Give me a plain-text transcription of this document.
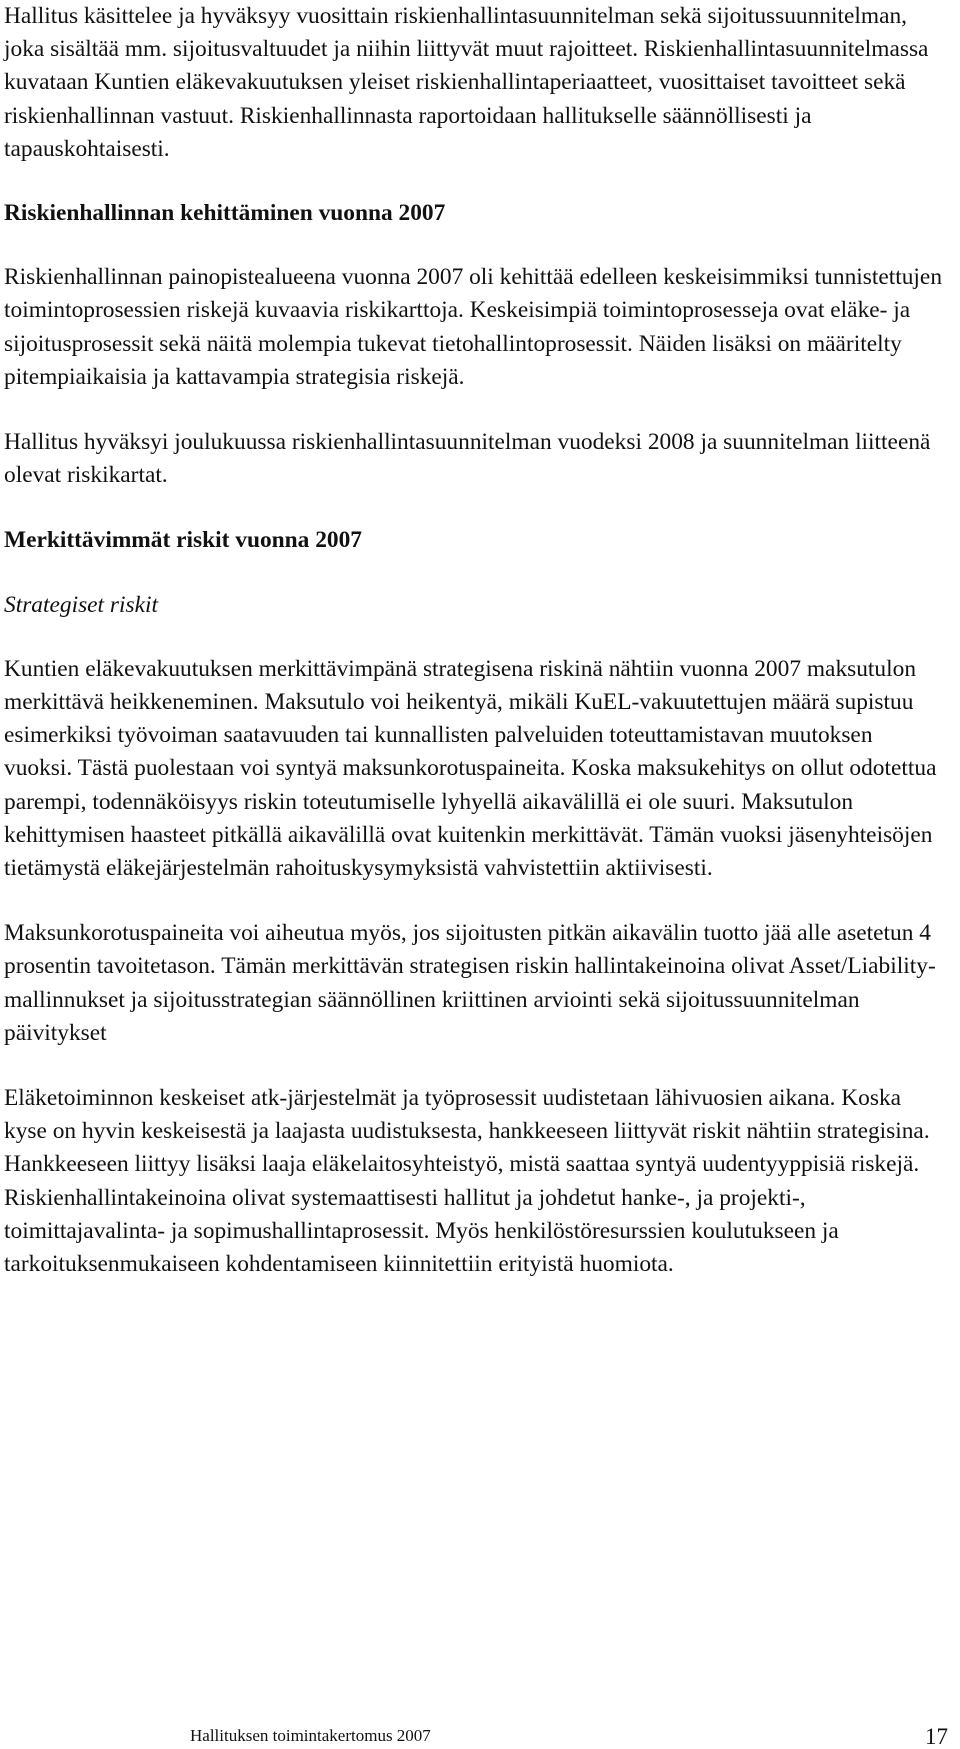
Hallitus käsittelee ja hyväksyy vuosittain riskienhallintasuunnitelman sekä sijoitussuunnitelman, joka sisältää mm. sijoitusvaltuudet ja niihin liittyvät muut rajoitteet. Riskienhallintasuunnitelmassa kuvataan Kuntien eläkevakuutuksen yleiset riskienhallintaperiaatteet, vuosittaiset tavoitteet sekä riskienhallinnan vastuut. Riskienhallinnasta raportoidaan hallitukselle säännöllisesti ja tapauskohtaisesti.

Riskienhallinnan kehittäminen vuonna 2007

Riskienhallinnan painopistealueena vuonna 2007 oli kehittää edelleen keskeisimmiksi tunnistettujen toimintoprosessien riskejä kuvaavia riskikarttoja. Keskeisimpiä toimintoprosesseja ovat eläke- ja sijoitusprosessit sekä näitä molempia tukevat tietohallintoprosessit. Näiden lisäksi on määritelty pitempiaikaisia ja kattavampia strategisia riskejä.

Hallitus hyväksyi joulukuussa riskienhallintasuunnitelman vuodeksi 2008 ja suunnitelman liitteenä olevat riskikartat.

Merkittävimmät riskit vuonna 2007

Strategiset riskit

Kuntien eläkevakuutuksen merkittävimpänä strategisena riskinä nähtiin vuonna 2007 maksutulon merkittävä heikkeneminen. Maksutulo voi heikentyä, mikäli KuEL-vakuutettujen määrä supistuu esimerkiksi työvoiman saatavuuden tai kunnallisten palveluiden toteuttamistavan muutoksen vuoksi. Tästä puolestaan voi syntyä maksunkorotuspaineita. Koska maksukehitys on ollut odotettua parempi, todennäköisyys riskin toteutumiselle lyhyellä aikavälillä ei ole suuri. Maksutulon kehittymisen haasteet pitkällä aikavälillä ovat kuitenkin merkittävät. Tämän vuoksi jäsenyhteisöjen tietämystä eläkejärjestelmän rahoituskysymyksistä vahvistettiin aktiivisesti.

Maksunkorotuspaineita voi aiheutua myös, jos sijoitusten pitkän aikavälin tuotto jää alle asetetun 4 prosentin tavoitetason. Tämän merkittävän strategisen riskin hallintakeinoina olivat Asset/Liability-mallinnukset ja sijoitusstrategian säännöllinen kriittinen arviointi sekä sijoitussuunnitelman päivitykset

Eläketoiminnon keskeiset atk-järjestelmät ja työprosessit uudistetaan lähivuosien aikana. Koska kyse on hyvin keskeisestä ja laajasta uudistuksesta, hankkeeseen liittyvät riskit nähtiin strategisina. Hankkeeseen liittyy lisäksi laaja eläkelaitosyhteistyö, mistä saattaa syntyä uudentyyppisiä riskejä. Riskienhallintakeinoina olivat systemaattisesti hallitut ja johdetut hanke-, ja projekti-, toimittajavalinta- ja sopimushallintaprosessit. Myös henkilöstöresurssien koulutukseen ja tarkoituksenmukaiseen kohdentamiseen kiinnitettiin erityistä huomiota.

Hallituksen toimintakertomus 2007	17
